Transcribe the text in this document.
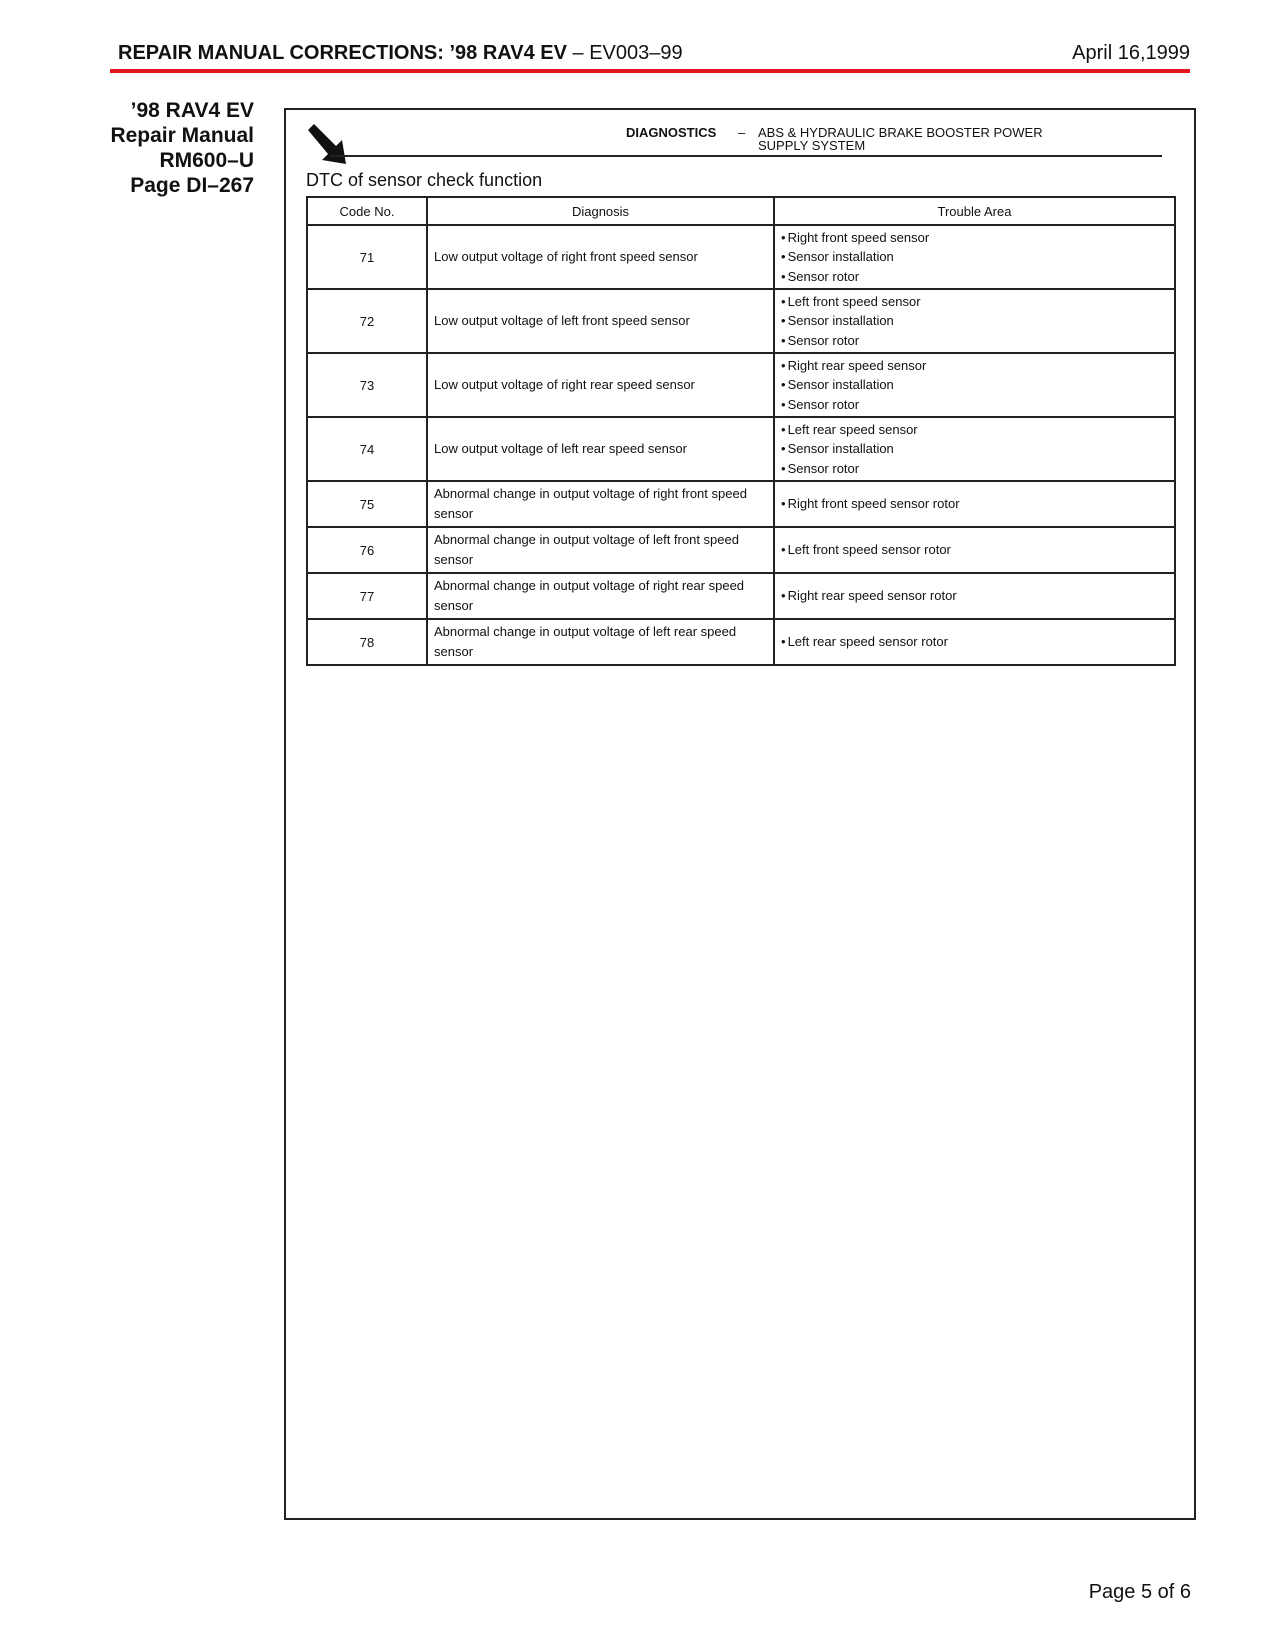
REPAIR MANUAL CORRECTIONS: ’98 RAV4 EV – EV003–99	April 16,1999
’98 RAV4 EV
Repair Manual
RM600–U
Page DI–267
DIAGNOSTICS – ABS & HYDRAULIC BRAKE BOOSTER POWER SUPPLY SYSTEM
DTC of sensor check function
Code No.	Diagnosis	Trouble Area
71	Low output voltage of right front speed sensor	• Right front speed sensor
• Sensor installation
• Sensor rotor

72	Low output voltage of left front speed sensor	• Left front speed sensor
• Sensor installation
• Sensor rotor

73	Low output voltage of right rear speed sensor	• Right rear speed sensor
• Sensor installation
• Sensor rotor

74	Low output voltage of left rear speed sensor	• Left rear speed sensor
• Sensor installation
• Sensor rotor

75	Abnormal change in output voltage of right front speed sensor	• Right front speed sensor rotor

76	Abnormal change in output voltage of left front speed sensor	• Left front speed sensor rotor

77	Abnormal change in output voltage of right rear speed sensor	• Right rear speed sensor rotor

78	Abnormal change in output voltage of left rear speed sensor	• Left rear speed sensor rotor
Page 5 of 6
